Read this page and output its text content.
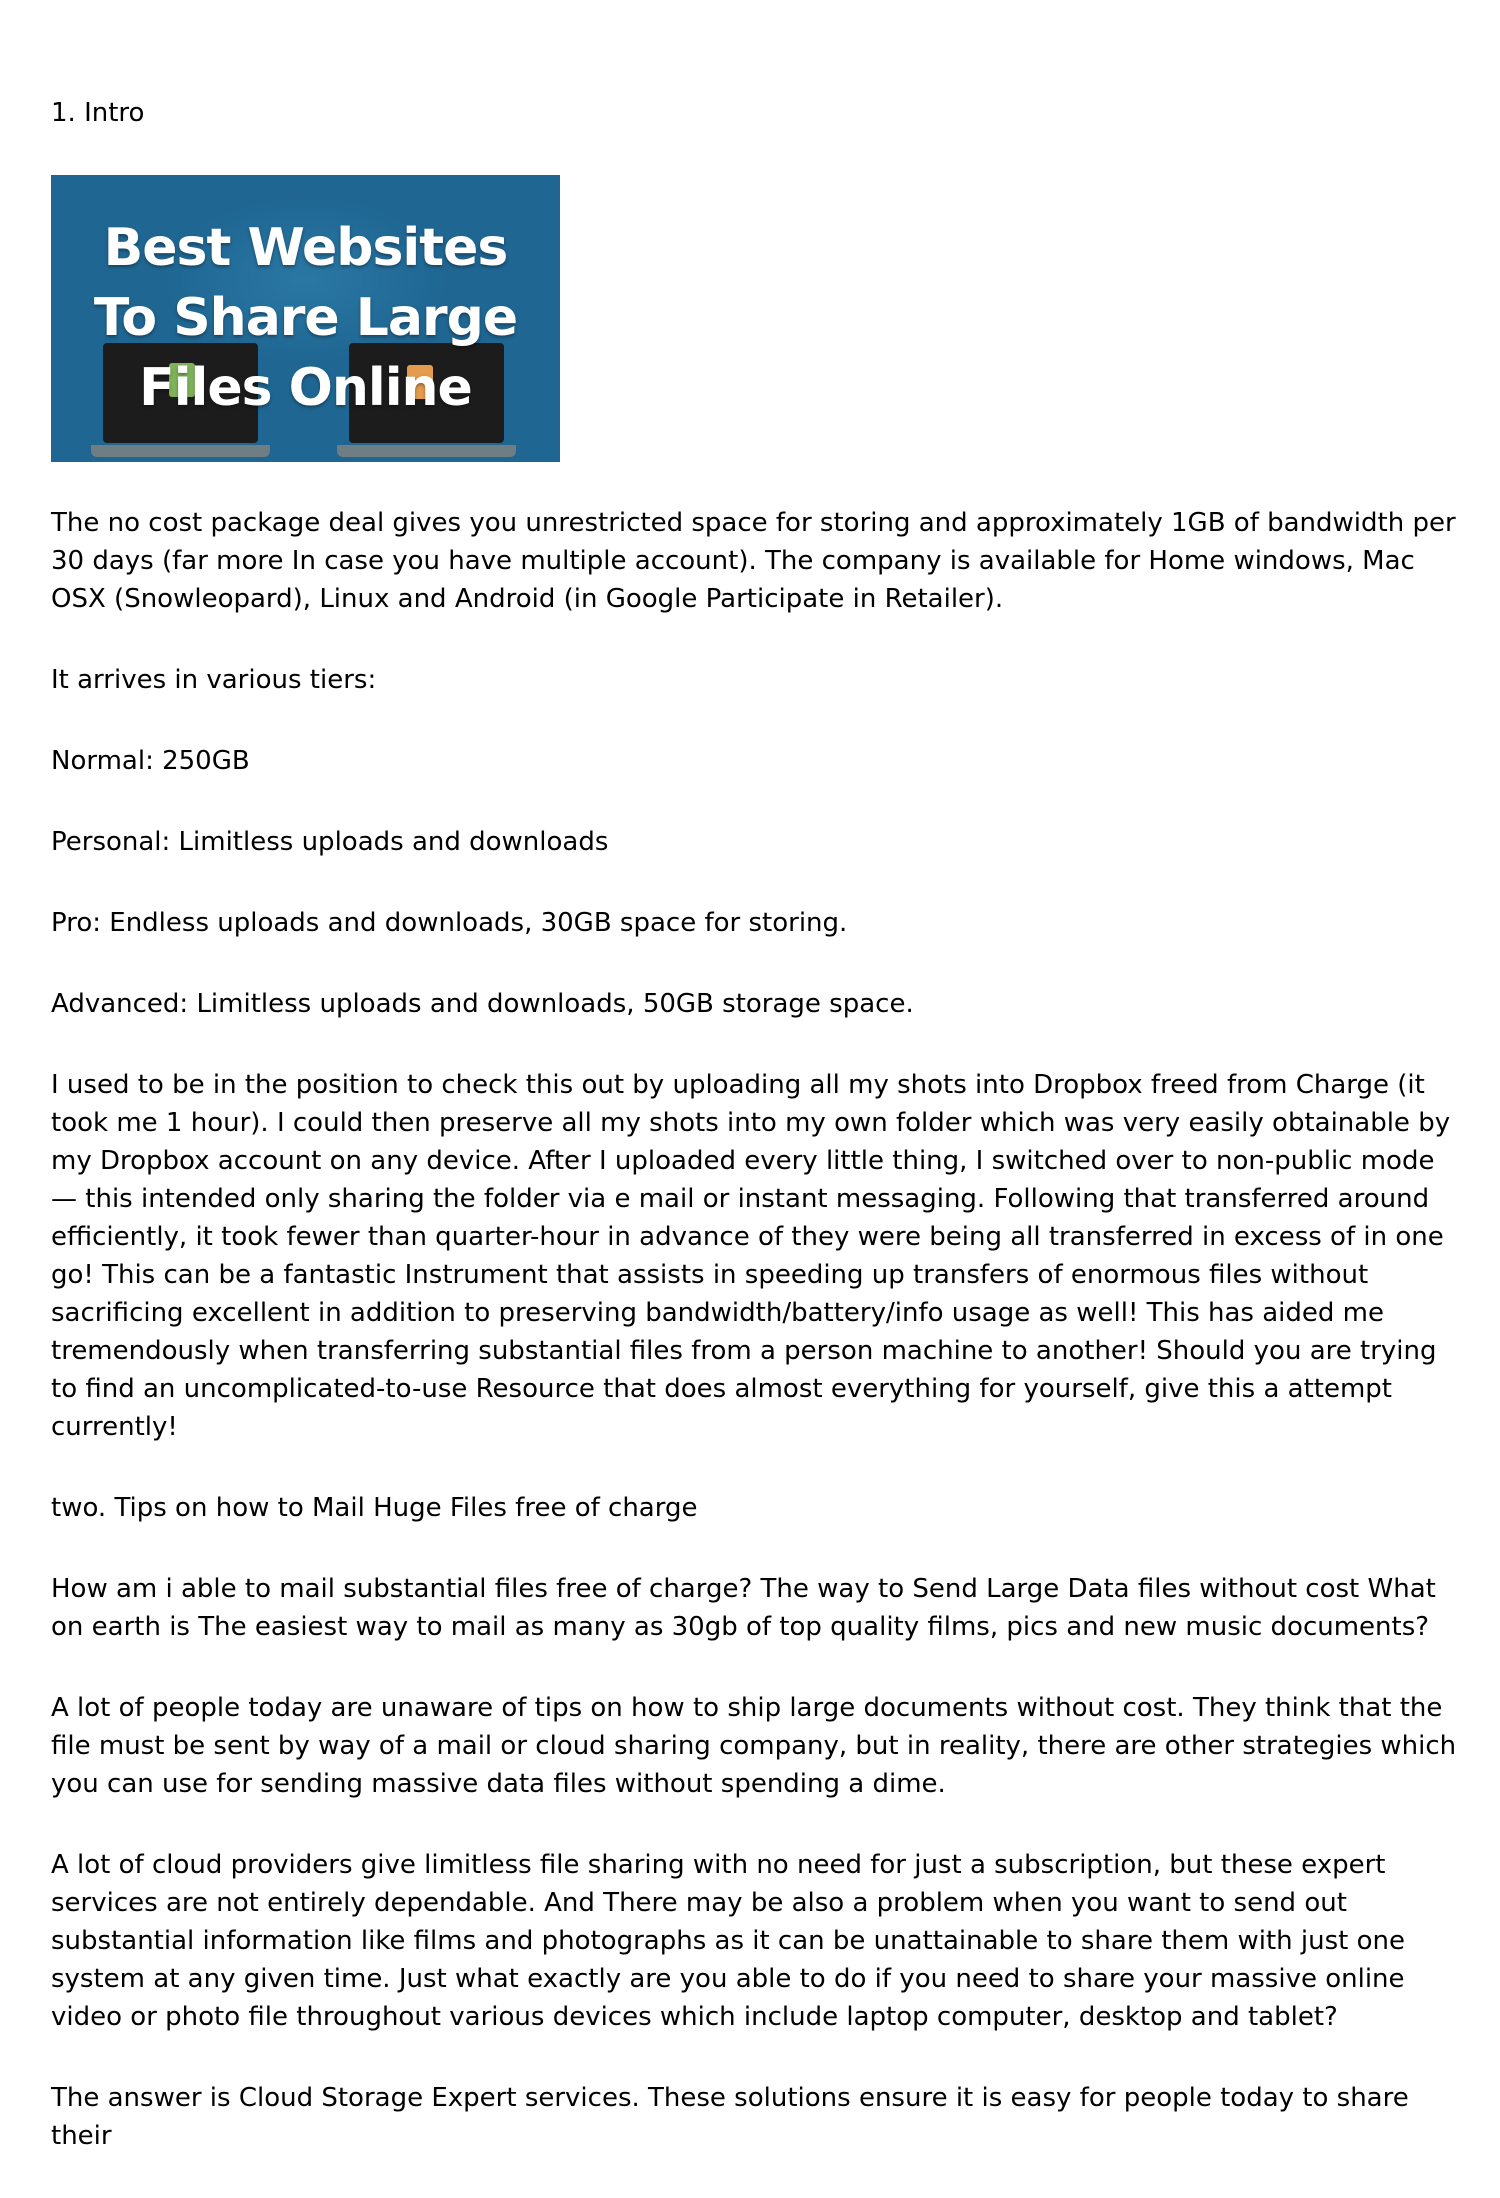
1. Intro

Best Websites
To Share Large
Files Online

The no cost package deal gives you unrestricted space for storing and approximately 1GB of bandwidth per 30 days (far more In case you have multiple account). The company is available for Home windows, Mac OSX (Snowleopard), Linux and Android (in Google Participate in Retailer).

It arrives in various tiers:

Normal: 250GB

Personal: Limitless uploads and downloads

Pro: Endless uploads and downloads, 30GB space for storing.

Advanced: Limitless uploads and downloads, 50GB storage space.

I used to be in the position to check this out by uploading all my shots into Dropbox freed from Charge (it took me 1 hour). I could then preserve all my shots into my own folder which was very easily obtainable by my Dropbox account on any device. After I uploaded every little thing, I switched over to non-public mode — this intended only sharing the folder via e mail or instant messaging. Following that transferred around efficiently, it took fewer than quarter-hour in advance of they were being all transferred in excess of in one go! This can be a fantastic Instrument that assists in speeding up transfers of enormous files without sacrificing excellent in addition to preserving bandwidth/battery/info usage as well! This has aided me tremendously when transferring substantial files from a person machine to another! Should you are trying to find an uncomplicated-to-use Resource that does almost everything for yourself, give this a attempt currently!

two. Tips on how to Mail Huge Files free of charge

How am i able to mail substantial files free of charge? The way to Send Large Data files without cost What on earth is The easiest way to mail as many as 30gb of top quality films, pics and new music documents?

A lot of people today are unaware of tips on how to ship large documents without cost. They think that the file must be sent by way of a mail or cloud sharing company, but in reality, there are other strategies which you can use for sending massive data files without spending a dime.

A lot of cloud providers give limitless file sharing with no need for just a subscription, but these expert services are not entirely dependable. And There may be also a problem when you want to send out substantial information like films and photographs as it can be unattainable to share them with just one system at any given time. Just what exactly are you able to do if you need to share your massive online video or photo file throughout various devices which include laptop computer, desktop and tablet?

The answer is Cloud Storage Expert services. These solutions ensure it is easy for people today to share their
